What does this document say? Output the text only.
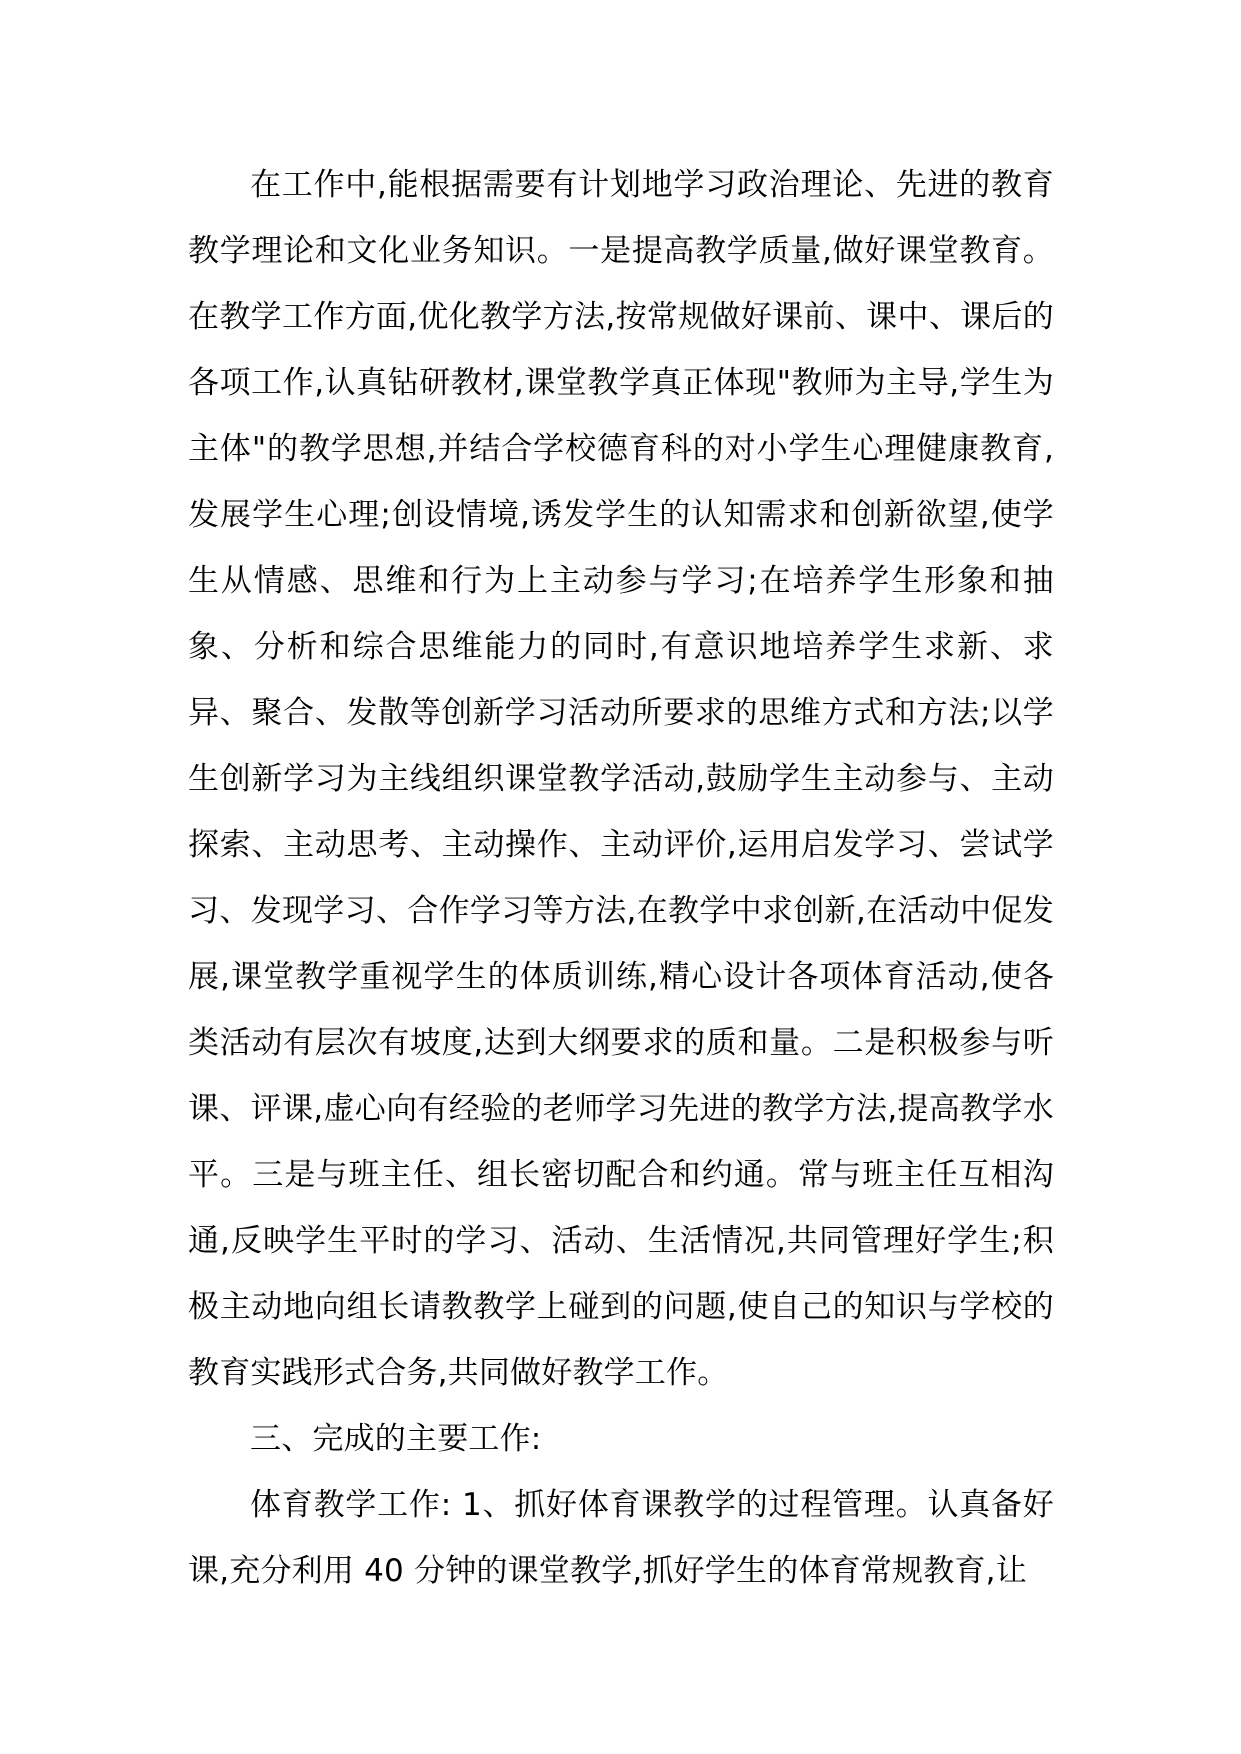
在工作中,能根据需要有计划地学习政治理论、先进的教育教学理论和文化业务知识。一是提高教学质量,做好课堂教育。在教学工作方面,优化教学方法,按常规做好课前、课中、课后的各项工作,认真钻研教材,课堂教学真正体现"教师为主导,学生为主体"的教学思想,并结合学校德育科的对小学生心理健康教育,发展学生心理;创设情境,诱发学生的认知需求和创新欲望,使学生从情感、思维和行为上主动参与学习;在培养学生形象和抽象、分析和综合思维能力的同时,有意识地培养学生求新、求异、聚合、发散等创新学习活动所要求的思维方式和方法;以学生创新学习为主线组织课堂教学活动,鼓励学生主动参与、主动探索、主动思考、主动操作、主动评价,运用启发学习、尝试学习、发现学习、合作学习等方法,在教学中求创新,在活动中促发展,课堂教学重视学生的体质训练,精心设计各项体育活动,使各类活动有层次有坡度,达到大纲要求的质和量。二是积极参与听课、评课,虚心向有经验的老师学习先进的教学方法,提高教学水平。三是与班主任、组长密切配合和约通。常与班主任互相沟通,反映学生平时的学习、活动、生活情况,共同管理好学生;积极主动地向组长请教教学上碰到的问题,使自己的知识与学校的教育实践形式合务,共同做好教学工作。

三、完成的主要工作:

体育教学工作: 1、抓好体育课教学的过程管理。认真备好课,充分利用 40 分钟的课堂教学,抓好学生的体育常规教育,让
